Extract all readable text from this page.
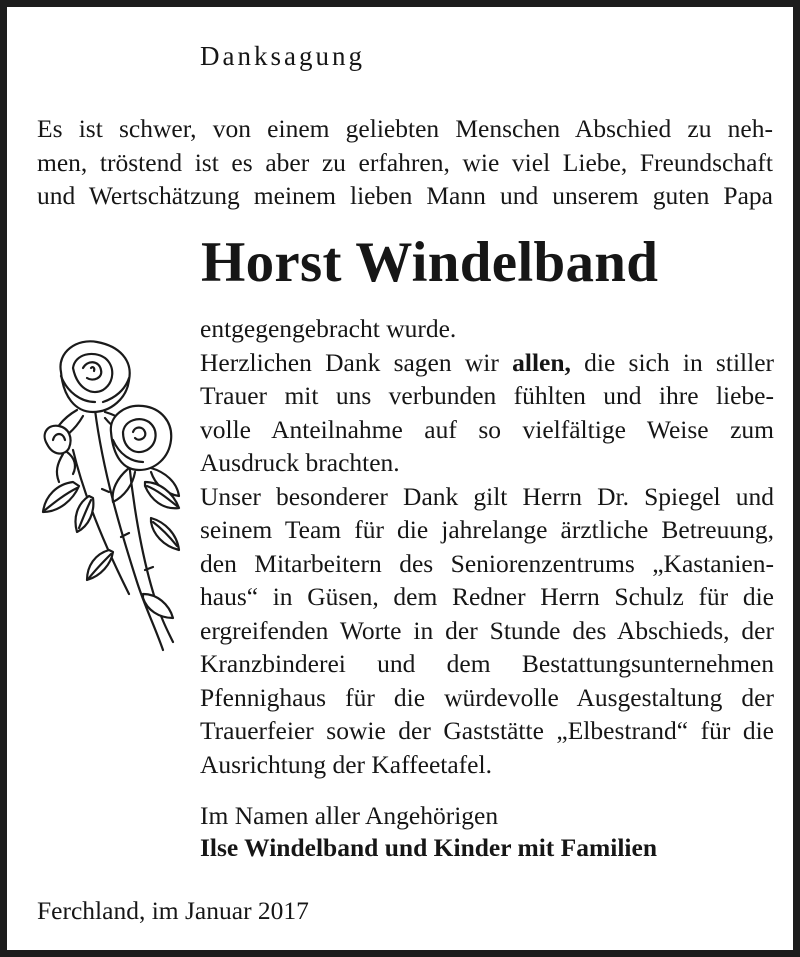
Danksagung
Es ist schwer, von einem geliebten Menschen Abschied zu neh-
men, tröstend ist es aber zu erfahren, wie viel Liebe, Freundschaft
und Wertschätzung meinem lieben Mann und unserem guten Papa
Horst Windelband
entgegengebracht wurde.
Herzlichen Dank sagen wir allen, die sich in stiller
Trauer mit uns verbunden fühlten und ihre liebe-
volle Anteilnahme auf so vielfältige Weise zum
Ausdruck brachten.
Unser besonderer Dank gilt Herrn Dr. Spiegel und
seinem Team für die jahrelange ärztliche Betreuung,
den Mitarbeitern des Seniorenzentrums „Kastanien-
haus“ in Güsen, dem Redner Herrn Schulz für die
ergreifenden Worte in der Stunde des Abschieds, der
Kranzbinderei und dem Bestattungsunternehmen
Pfennighaus für die würdevolle Ausgestaltung der
Trauerfeier sowie der Gaststätte „Elbestrand“ für die
Ausrichtung der Kaffeetafel.
Im Namen aller Angehörigen
Ilse Windelband und Kinder mit Familien
Ferchland, im Januar 2017
